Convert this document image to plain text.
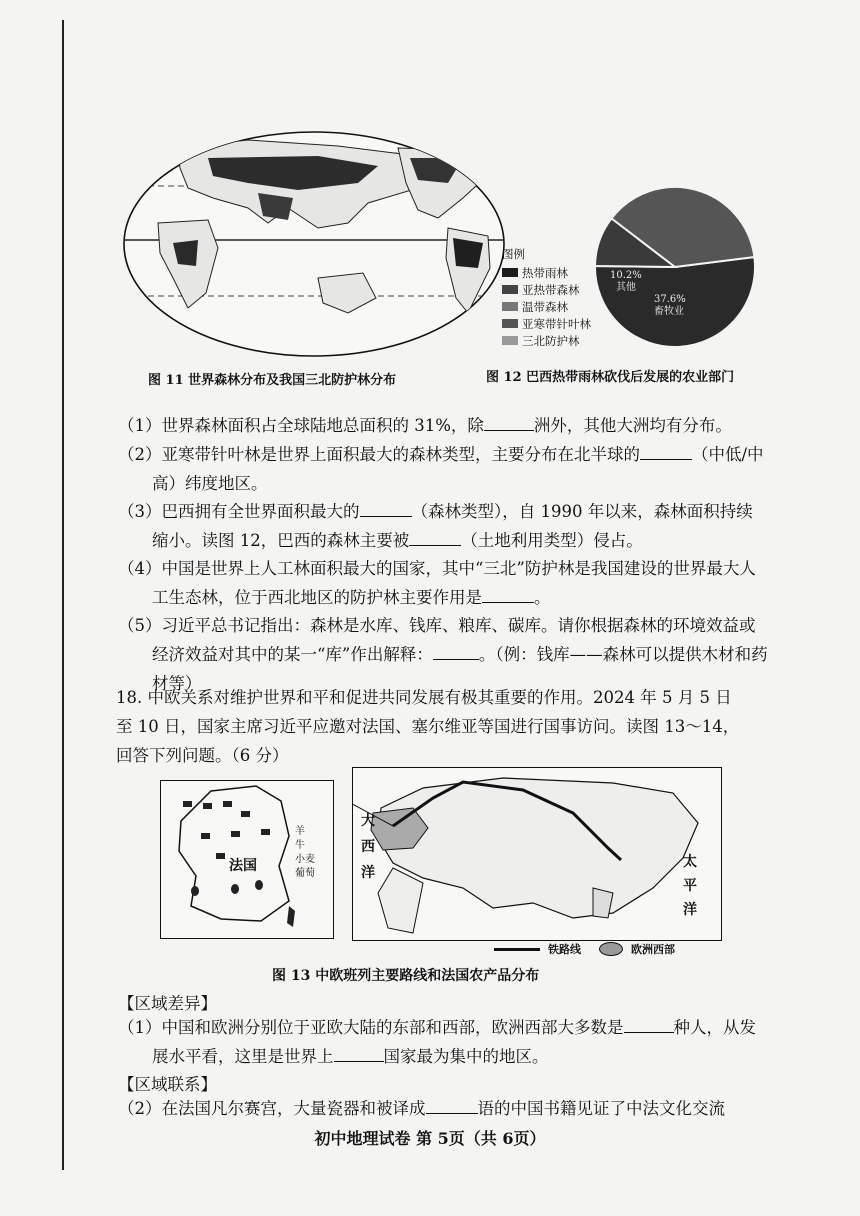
图 11 世界森林分布及我国三北防护林分布
图例
热带雨林
亚热带森林
温带森林
亚寒带针叶林
三北防护林
10.2%
其他
37.6%
畜牧业
图 12 巴西热带雨林砍伐后发展的农业部门
（1）世界森林面积占全球陆地总面积的 31%，除	洲外，其他大洲均有分布。
（2）亚寒带针叶林是世界上面积最大的森林类型，主要分布在北半球的	（中低/中高）纬度地区。
（3）巴西拥有全世界面积最大的	（森林类型），自 1990 年以来，森林面积持续缩小。读图 12，巴西的森林主要被	（土地利用类型）侵占。
（4）中国是世界上人工林面积最大的国家，其中“三北”防护林是我国建设的世界最大人工生态林，位于西北地区的防护林主要作用是	。
（5）习近平总书记指出：森林是水库、钱库、粮库、碳库。请你根据森林的环境效益或经济效益对其中的某一“库”作出解释：	。（例：钱库——森林可以提供木材和药材等）
18. 中欧关系对维护世界和平和促进共同发展有极其重要的作用。2024 年 5 月 5 日
至 10 日，国家主席习近平应邀对法国、塞尔维亚等国进行国事访问。读图 13～14，
回答下列问题。（6 分）
法国
羊
牛
小麦
葡萄
大
西
洋
太
平
洋
铁路线	欧洲西部
图 13 中欧班列主要路线和法国农产品分布
【区域差异】
（1）中国和欧洲分别位于亚欧大陆的东部和西部，欧洲西部大多数是	种人，从发展水平看，这里是世界上	国家最为集中的地区。
【区域联系】
（2）在法国凡尔赛宫，大量瓷器和被译成	语的中国书籍见证了中法文化交流
初中地理试卷 第 5页（共 6页）
